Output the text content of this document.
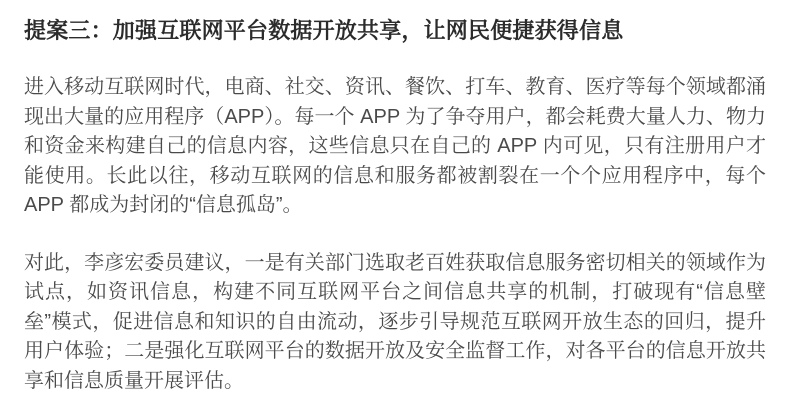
提案三：加强互联网平台数据开放共享，让网民便捷获得信息

进入移动互联网时代，电商、社交、资讯、餐饮、打车、教育、医疗等每个领域都涌现出大量的应用程序（APP）。每一个 APP 为了争夺用户，都会耗费大量人力、物力和资金来构建自己的信息内容，这些信息只在自己的 APP 内可见，只有注册用户才能使用。长此以往，移动互联网的信息和服务都被割裂在一个个应用程序中，每个 APP 都成为封闭的“信息孤岛”。

对此，李彦宏委员建议，一是有关部门选取老百姓获取信息服务密切相关的领域作为试点，如资讯信息，构建不同互联网平台之间信息共享的机制，打破现有“信息壁垒”模式，促进信息和知识的自由流动，逐步引导规范互联网开放生态的回归，提升用户体验；二是强化互联网平台的数据开放及安全监督工作，对各平台的信息开放共享和信息质量开展评估。
